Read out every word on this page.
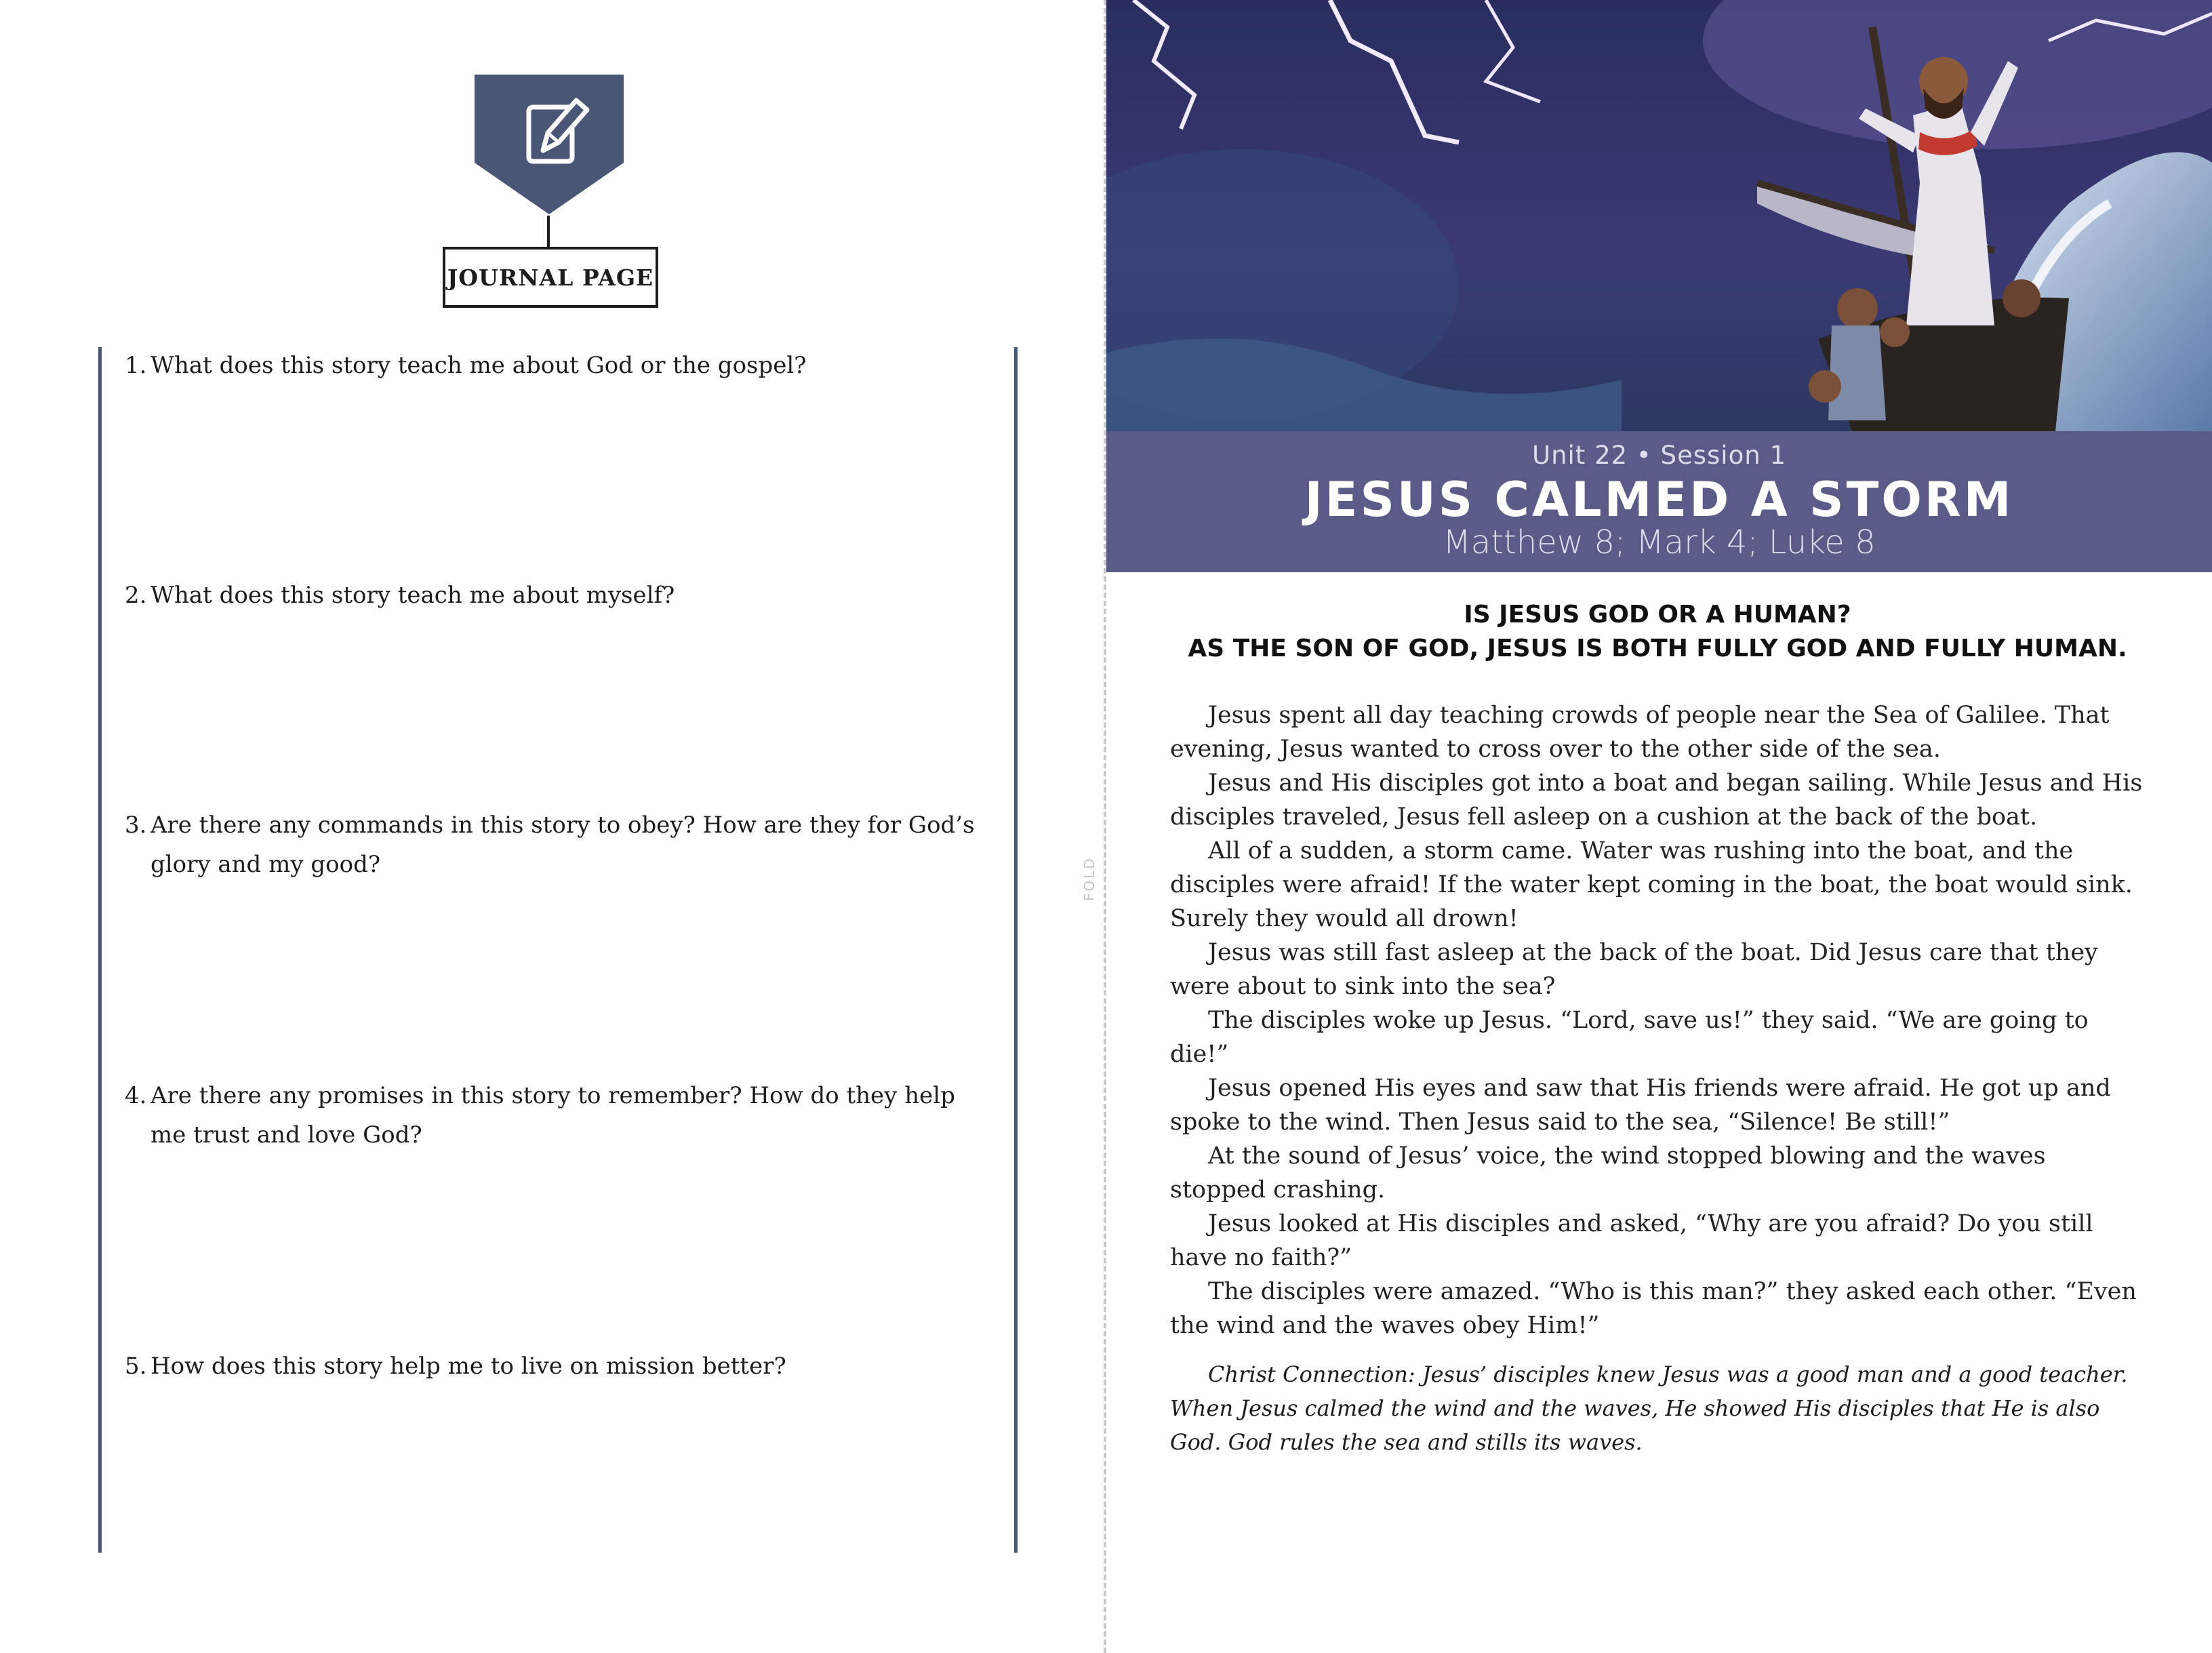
JOURNAL PAGE
1. What does this story teach me about God or the gospel?
2. What does this story teach me about myself?
3. Are there any commands in this story to obey? How are they for God’s
glory and my good?
4. Are there any promises in this story to remember? How do they help
me trust and love God?
5. How does this story help me to live on mission better?
FOLD
Unit 22 • Session 1
JESUS CALMED A STORM
Matthew 8; Mark 4; Luke 8
IS JESUS GOD OR A HUMAN?
AS THE SON OF GOD, JESUS IS BOTH FULLY GOD AND FULLY HUMAN.

Jesus spent all day teaching crowds of people near the Sea of Galilee. That evening, Jesus wanted to cross over to the other side of the sea.

Jesus and His disciples got into a boat and began sailing. While Jesus and His disciples traveled, Jesus fell asleep on a cushion at the back of the boat.

All of a sudden, a storm came. Water was rushing into the boat, and the disciples were afraid! If the water kept coming in the boat, the boat would sink. Surely they would all drown!

Jesus was still fast asleep at the back of the boat. Did Jesus care that they were about to sink into the sea?

The disciples woke up Jesus. “Lord, save us!” they said. “We are going to die!”

Jesus opened His eyes and saw that His friends were afraid. He got up and spoke to the wind. Then Jesus said to the sea, “Silence! Be still!”

At the sound of Jesus’ voice, the wind stopped blowing and the waves stopped crashing.

Jesus looked at His disciples and asked, “Why are you afraid? Do you still have no faith?”

The disciples were amazed. “Who is this man?” they asked each other. “Even the wind and the waves obey Him!”

Christ Connection: Jesus’ disciples knew Jesus was a good man and a good teacher. When Jesus calmed the wind and the waves, He showed His disciples that He is also God. God rules the sea and stills its waves.
